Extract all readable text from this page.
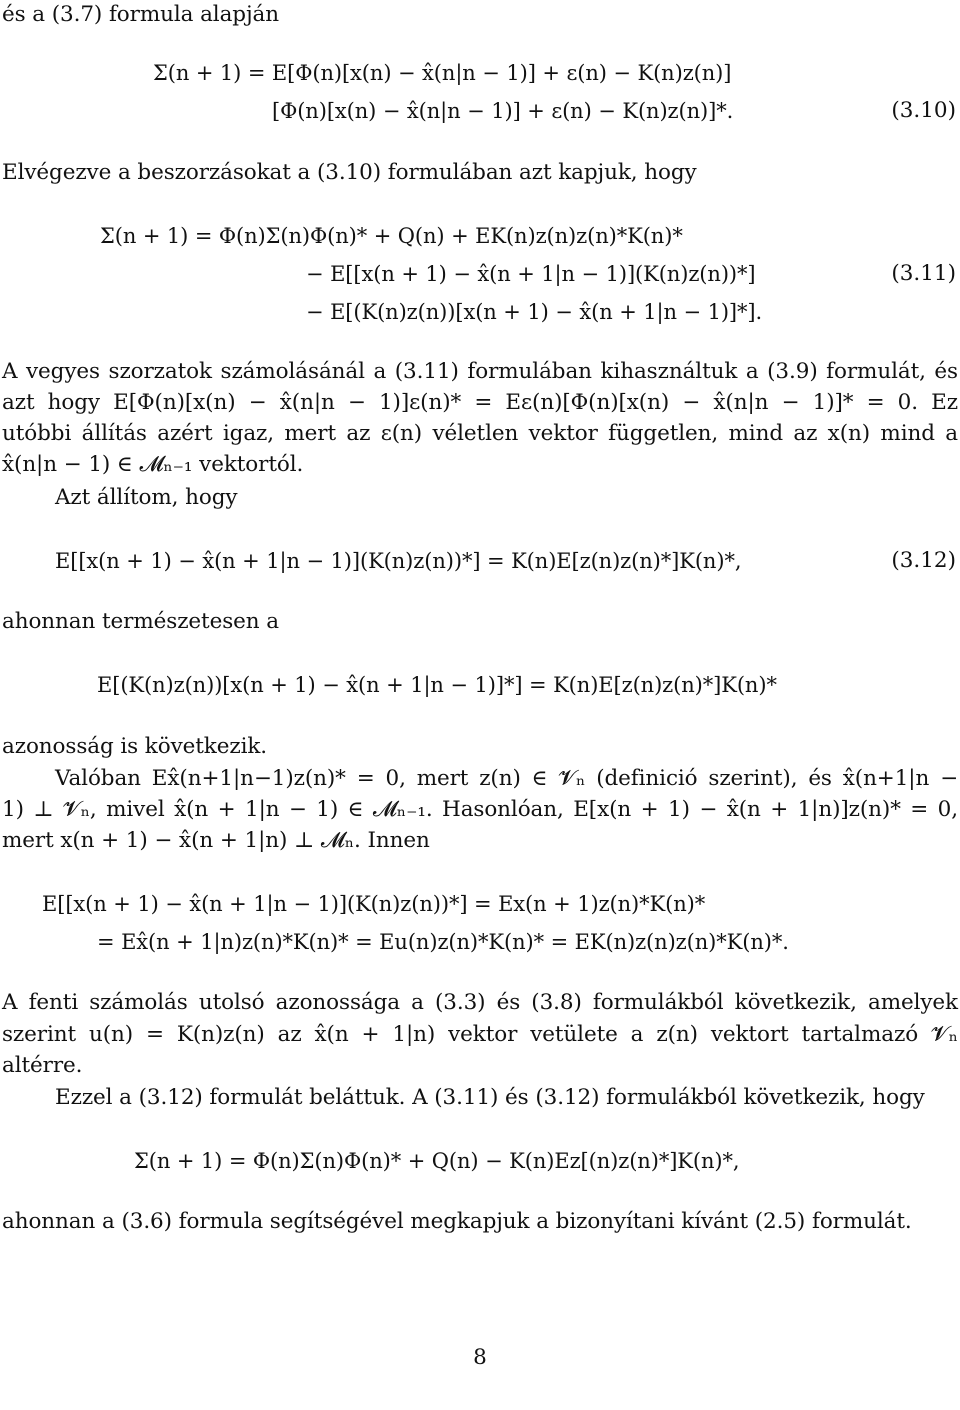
és a (3.7) formula alapján
Σ(n + 1) = E[Φ(n)[x(n) − x̂(n|n − 1)] + ε(n) − K(n)z(n)]
[Φ(n)[x(n) − x̂(n|n − 1)] + ε(n) − K(n)z(n)]*.	(3.10)
Elvégezve a beszorzásokat a (3.10) formulában azt kapjuk, hogy
Σ(n + 1) = Φ(n)Σ(n)Φ(n)* + Q(n) + EK(n)z(n)z(n)*K(n)*
− E[[x(n + 1) − x̂(n + 1|n − 1)](K(n)z(n))*]	(3.11)
− E[(K(n)z(n))[x(n + 1) − x̂(n + 1|n − 1)]*].
A vegyes szorzatok számolásánál a (3.11) formulában kihasználtuk a (3.9) formulát, és
azt hogy E[Φ(n)[x(n) − x̂(n|n − 1)]ε(n)* = Eε(n)[Φ(n)[x(n) − x̂(n|n − 1)]* = 0. Ez
utóbbi állítás azért igaz, mert az ε(n) véletlen vektor független, mind az x(n) mind a
x̂(n|n − 1) ∈ 𝓜ₙ₋₁ vektortól.
Azt állítom, hogy
E[[x(n + 1) − x̂(n + 1|n − 1)](K(n)z(n))*] = K(n)E[z(n)z(n)*]K(n)*,	(3.12)
ahonnan természetesen a
E[(K(n)z(n))[x(n + 1) − x̂(n + 1|n − 1)]*] = K(n)E[z(n)z(n)*]K(n)*
azonosság is következik.
Valóban Ex̂(n+1|n−1)z(n)* = 0, mert z(n) ∈ 𝓥ₙ (definició szerint), és x̂(n+1|n −
1) ⊥ 𝓥ₙ, mivel x̂(n + 1|n − 1) ∈ 𝓜ₙ₋₁. Hasonlóan, E[x(n + 1) − x̂(n + 1|n)]z(n)* = 0,
mert x(n + 1) − x̂(n + 1|n) ⊥ 𝓜ₙ. Innen
E[[x(n + 1) − x̂(n + 1|n − 1)](K(n)z(n))*] = Ex(n + 1)z(n)*K(n)*
= Ex̂(n + 1|n)z(n)*K(n)* = Eu(n)z(n)*K(n)* = EK(n)z(n)z(n)*K(n)*.
A fenti számolás utolsó azonossága a (3.3) és (3.8) formulákból következik, amelyek
szerint u(n) = K(n)z(n) az x̂(n + 1|n) vektor vetülete a z(n) vektort tartalmazó 𝓥ₙ
altérre.
Ezzel a (3.12) formulát beláttuk. A (3.11) és (3.12) formulákból következik, hogy
Σ(n + 1) = Φ(n)Σ(n)Φ(n)* + Q(n) − K(n)Ez[(n)z(n)*]K(n)*,
ahonnan a (3.6) formula segítségével megkapjuk a bizonyítani kívánt (2.5) formulát.
8
